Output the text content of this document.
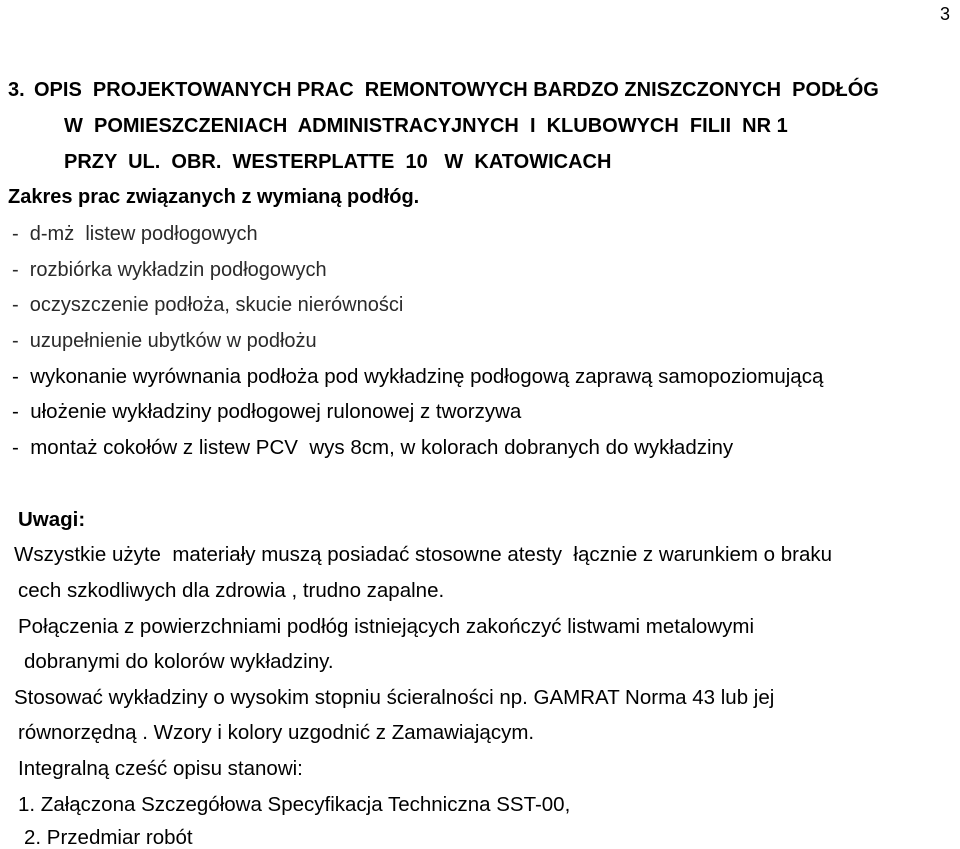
3
3. OPIS  PROJEKTOWANYCH PRAC  REMONTOWYCH BARDZO ZNISZCZONYCH  PODŁÓG
W  POMIESZCZENIACH  ADMINISTRACYJNYCH  I  KLUBOWYCH  FILII  NR 1
PRZY  UL.  OBR.  WESTERPLATTE  10   W  KATOWICACH
Zakres prac związanych z wymianą podłóg.
-  d-mż  listew podłogowych
-  rozbiórka wykładzin podłogowych
-  oczyszczenie podłoża, skucie nierówności
-  uzupełnienie ubytków w podłożu
-  wykonanie wyrównania podłoża pod wykładzinę podłogową zaprawą samopoziomującą
-  ułożenie wykładziny podłogowej rulonowej z tworzywa
-  montaż cokołów z listew PCV  wys 8cm, w kolorach dobranych do wykładziny
Uwagi:
Wszystkie użyte  materiały muszą posiadać stosowne atesty  łącznie z warunkiem o braku
cech szkodliwych dla zdrowia , trudno zapalne.
Połączenia z powierzchniami podłóg istniejących zakończyć listwami metalowymi
dobranymi do kolorów wykładziny.
Stosować wykładziny o wysokim stopniu ścieralności np. GAMRAT Norma 43 lub jej
równorzędną . Wzory i kolory uzgodnić z Zamawiającym.
Integralną cześć opisu stanowi:
1. Załączona Szczegółowa Specyfikacja Techniczna SST-00,
2. Przedmiar robót
